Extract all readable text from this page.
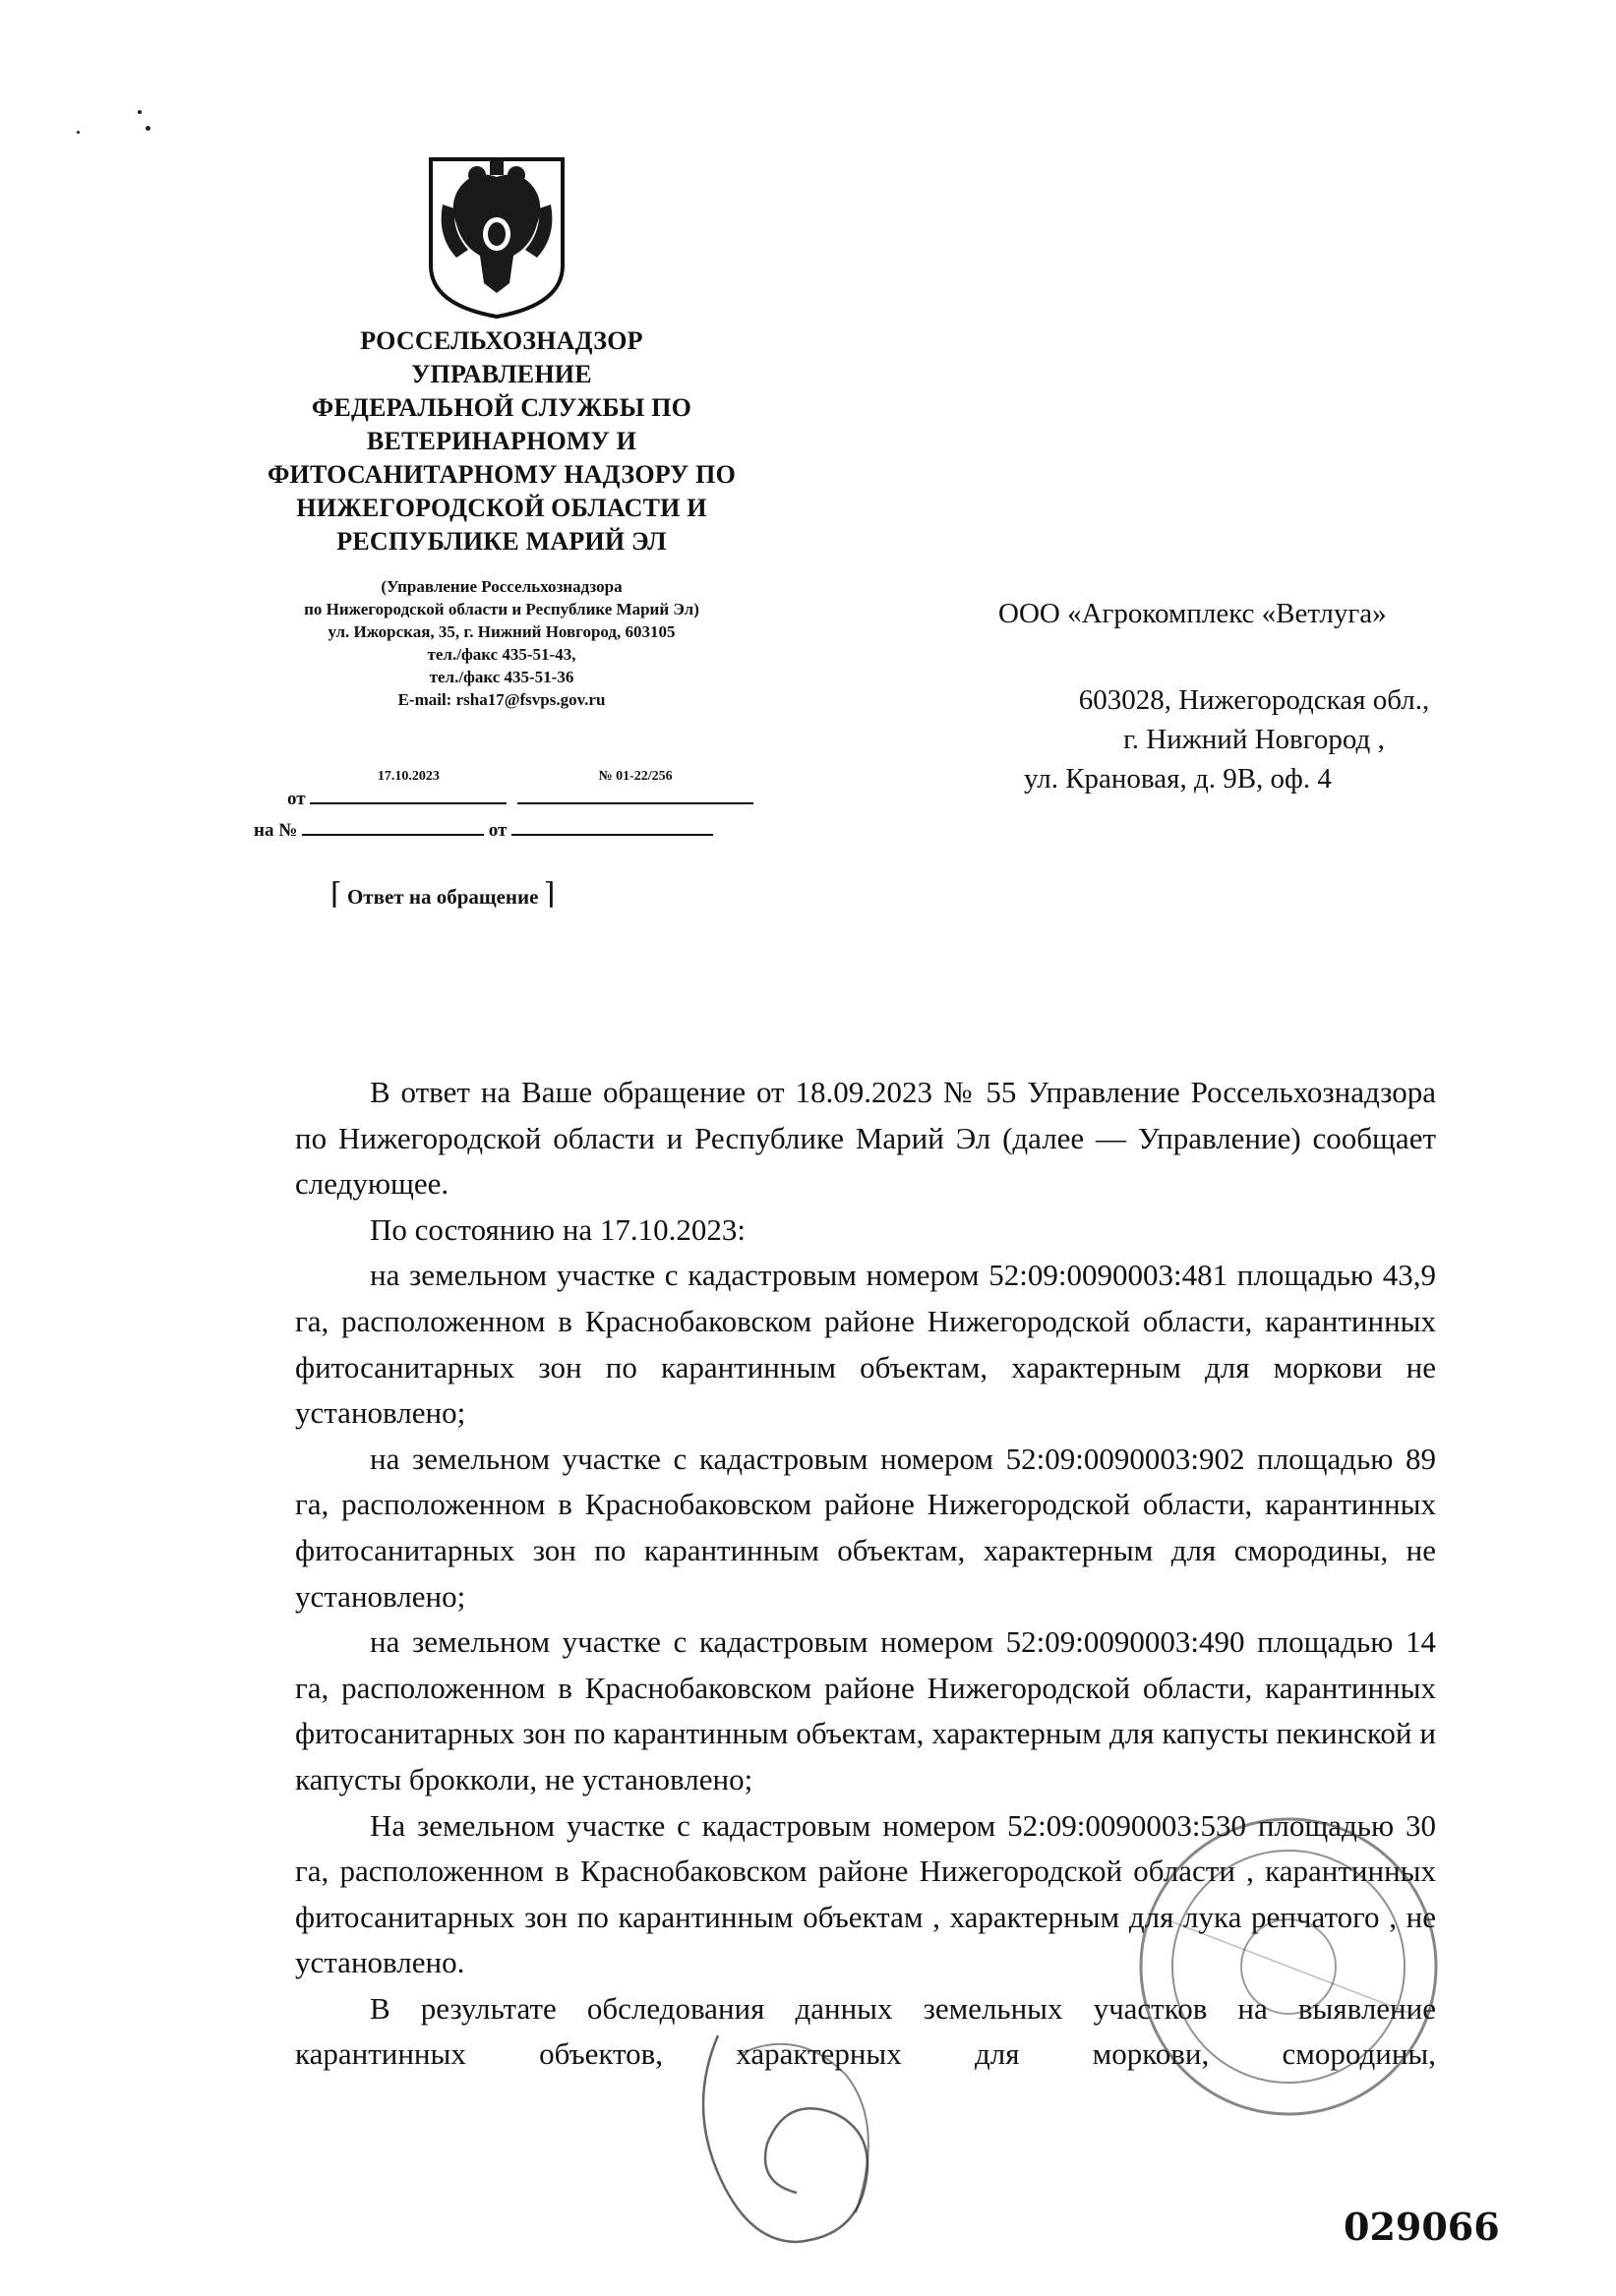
РОССЕЛЬХОЗНАДЗОР
УПРАВЛЕНИЕ
ФЕДЕРАЛЬНОЙ СЛУЖБЫ ПО
ВЕТЕРИНАРНОМУ И
ФИТОСАНИТАРНОМУ НАДЗОРУ ПО
НИЖЕГОРОДСКОЙ ОБЛАСТИ И
РЕСПУБЛИКЕ МАРИЙ ЭЛ
(Управление Россельхознадзора
по Нижегородской области и Республике Марий Эл)
ул. Ижорская, 35, г. Нижний Новгород, 603105
тел./факс 435-51-43,
тел./факс 435-51-36
E-mail: rsha17@fsvps.gov.ru
от
17.10.2023
	№ 01-22/256
на №	от
⌈ Ответ на обращение ⌉
ООО «Агрокомплекс «Ветлуга»
603028, Нижегородская обл.,
г. Нижний Новгород ,
ул. Крановая, д. 9В, оф. 4

В ответ на Ваше обращение от 18.09.2023 № 55 Управление Россельхознадзора по Нижегородской области и Республике Марий Эл (далее — Управление) сообщает следующее.

По состоянию на 17.10.2023:

на земельном участке с кадастровым номером 52:09:0090003:481 площадью 43,9 га, расположенном в Краснобаковском районе Нижегородской области, карантинных фитосанитарных зон по карантинным объектам, характерным для моркови не установлено;

на земельном участке с кадастровым номером 52:09:0090003:902 площадью 89 га, расположенном в Краснобаковском районе Нижегородской области, карантинных фитосанитарных зон по карантинным объектам, характерным для смородины, не установлено;

на земельном участке с кадастровым номером 52:09:0090003:490 площадью 14 га, расположенном в Краснобаковском районе Нижегородской области, карантинных фитосанитарных зон по карантинным объектам, характерным для капусты пекинской и капусты брокколи, не установлено;

На земельном участке с кадастровым номером 52:09:0090003:530 площадью 30 га, расположенном в Краснобаковском районе Нижегородской области , карантинных фитосанитарных зон по карантинным объектам , характерным для лука репчатого , не установлено.

В результате обследования данных земельных участков на выявление карантинных объектов, характерных для моркови, смородины,

029066
